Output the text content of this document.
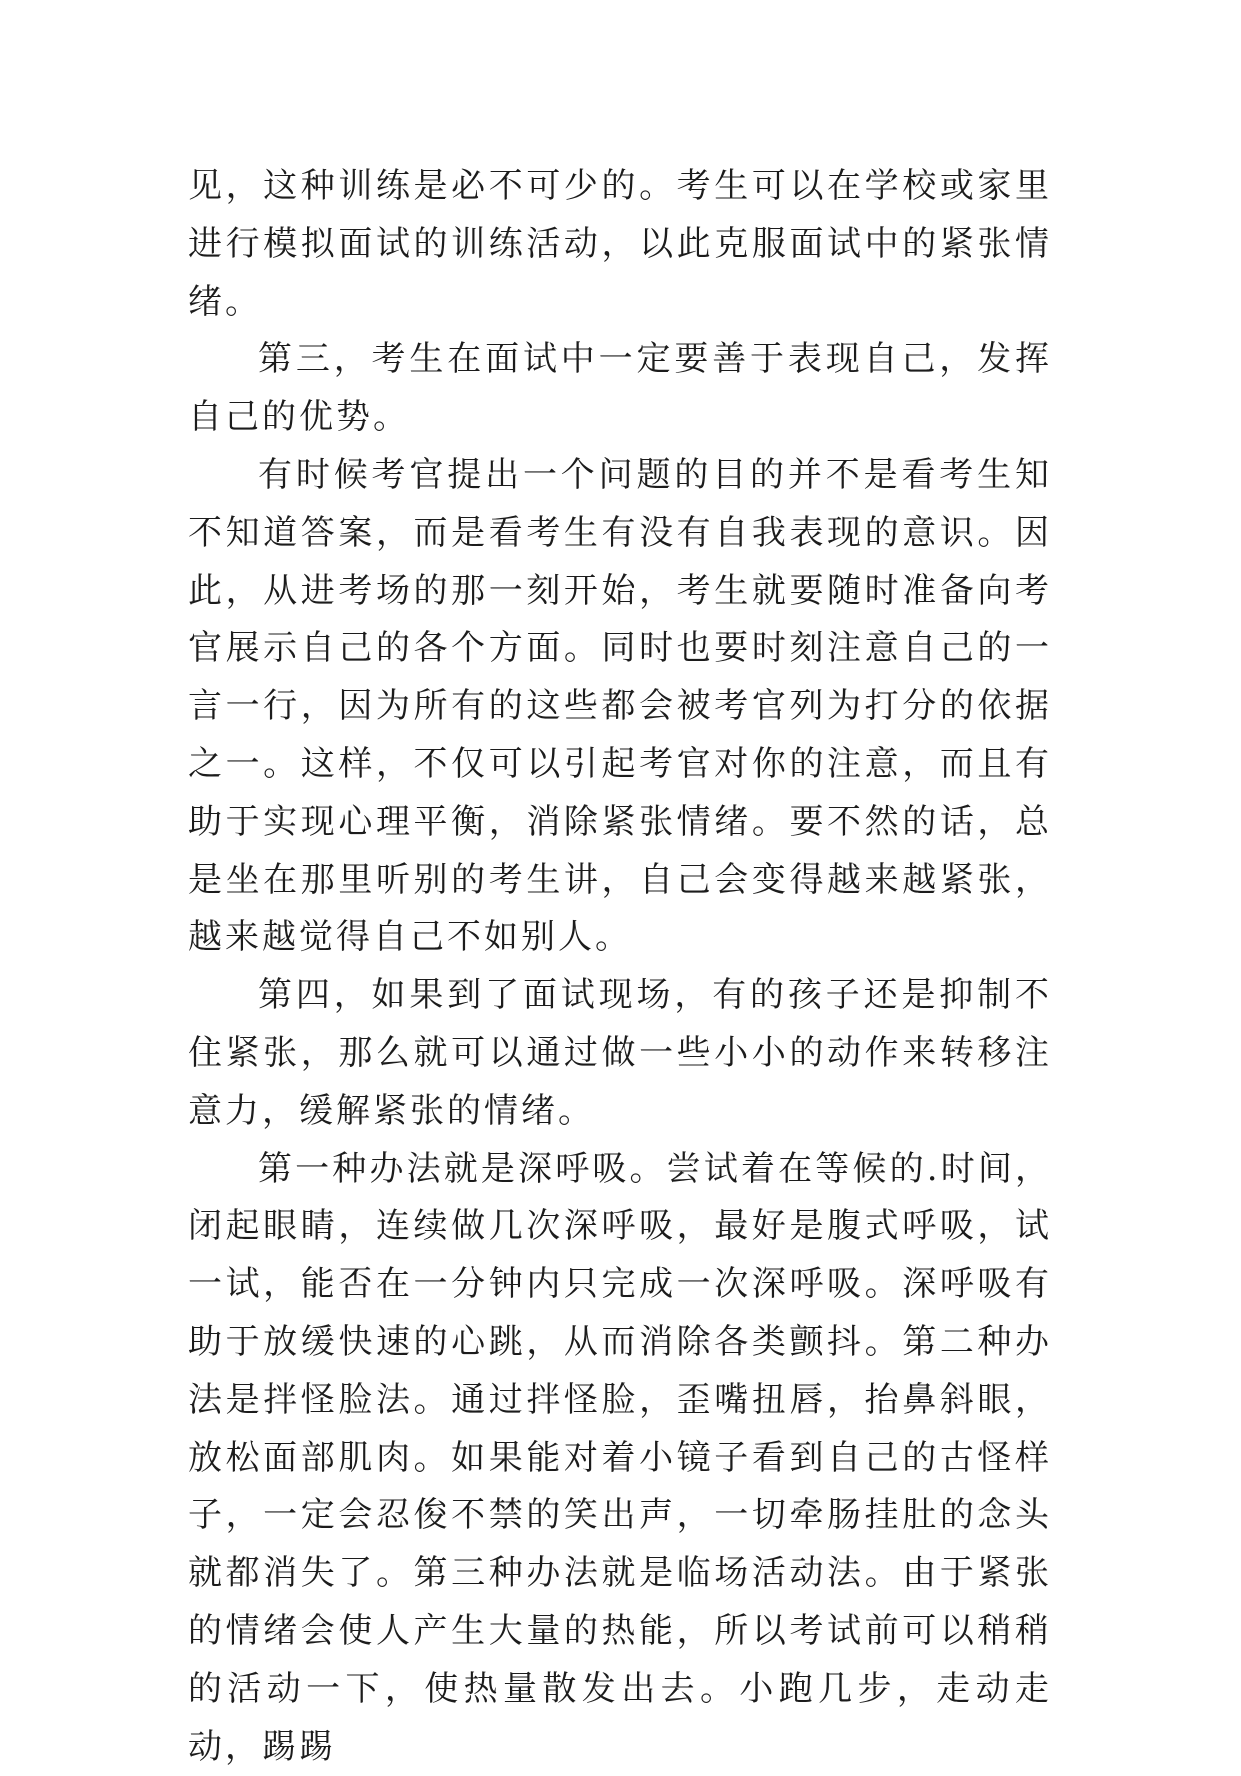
见，这种训练是必不可少的。考生可以在学校或家里进行模拟面试的训练活动，以此克服面试中的紧张情绪。

第三，考生在面试中一定要善于表现自己，发挥自己的优势。

有时候考官提出一个问题的目的并不是看考生知不知道答案，而是看考生有没有自我表现的意识。因此，从进考场的那一刻开始，考生就要随时准备向考官展示自己的各个方面。同时也要时刻注意自己的一言一行，因为所有的这些都会被考官列为打分的依据之一。这样，不仅可以引起考官对你的注意，而且有助于实现心理平衡，消除紧张情绪。要不然的话，总是坐在那里听别的考生讲，自己会变得越来越紧张，越来越觉得自己不如别人。

第四，如果到了面试现场，有的孩子还是抑制不住紧张，那么就可以通过做一些小小的动作来转移注意力，缓解紧张的情绪。

第一种办法就是深呼吸。尝试着在等候的.时间，闭起眼睛，连续做几次深呼吸，最好是腹式呼吸，试一试，能否在一分钟内只完成一次深呼吸。深呼吸有助于放缓快速的心跳，从而消除各类颤抖。第二种办法是拌怪脸法。通过拌怪脸，歪嘴扭唇，抬鼻斜眼，放松面部肌肉。如果能对着小镜子看到自己的古怪样子，一定会忍俊不禁的笑出声，一切牵肠挂肚的念头就都消失了。第三种办法就是临场活动法。由于紧张的情绪会使人产生大量的热能，所以考试前可以稍稍的活动一下，使热量散发出去。小跑几步，走动走动，踢踢
